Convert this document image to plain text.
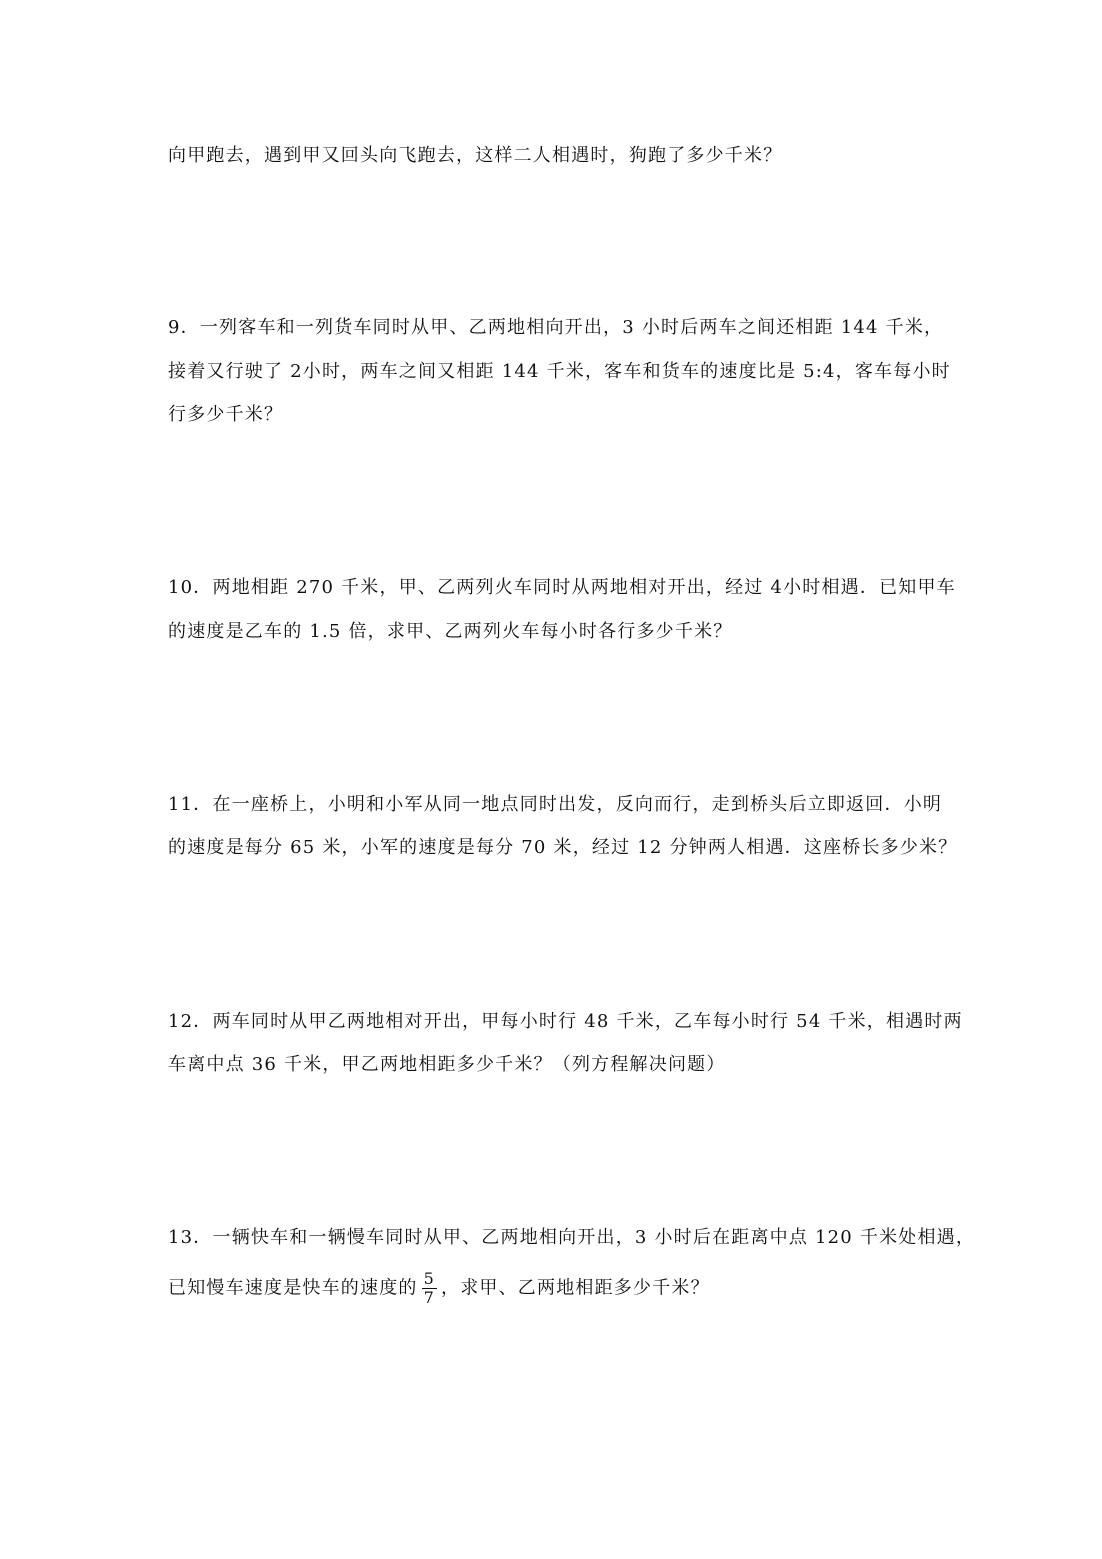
向甲跑去，遇到甲又回头向飞跑去，这样二人相遇时，狗跑了多少千米？
9．一列客车和一列货车同时从甲、乙两地相向开出，3 小时后两车之间还相距 144 千米，
接着又行驶了 2小时，两车之间又相距 144 千米，客车和货车的速度比是 5:4，客车每小时
行多少千米？
10．两地相距 270 千米，甲、乙两列火车同时从两地相对开出，经过 4小时相遇．已知甲车
的速度是乙车的 1.5 倍，求甲、乙两列火车每小时各行多少千米？
11．在一座桥上，小明和小军从同一地点同时出发，反向而行，走到桥头后立即返回．小明
的速度是每分 65 米，小军的速度是每分 70 米，经过 12 分钟两人相遇．这座桥长多少米？
12．两车同时从甲乙两地相对开出，甲每小时行 48 千米，乙车每小时行 54 千米，相遇时两
车离中点 36 千米，甲乙两地相距多少千米？（列方程解决问题）
13．一辆快车和一辆慢车同时从甲、乙两地相向开出，3 小时后在距离中点 120 千米处相遇，
已知慢车速度是快车的速度的 $\frac{5}{7}$ ，求甲、乙两地相距多少千米？
